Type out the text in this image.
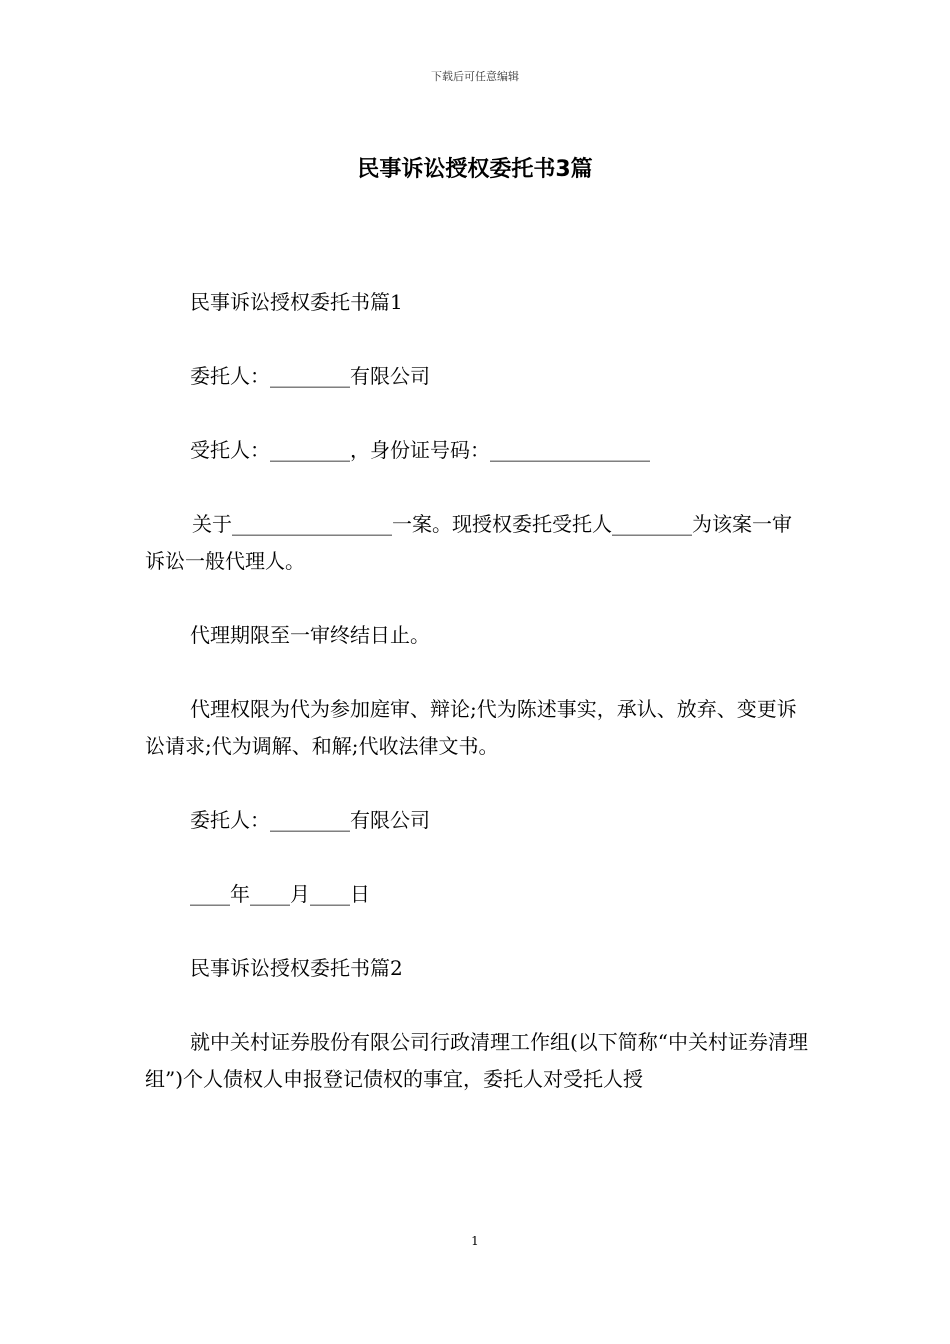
下载后可任意编辑
民事诉讼授权委托书3篇

民事诉讼授权委托书篇1

委托人：________有限公司

受托人：________，身份证号码：________________

关于________________一案。现授权委托受托人________为该案一审诉讼一般代理人。

代理期限至一审终结日止。

代理权限为代为参加庭审、辩论;代为陈述事实，承认、放弃、变更诉讼请求;代为调解、和解;代收法律文书。

委托人：________有限公司

____年____月____日

民事诉讼授权委托书篇2

就中关村证券股份有限公司行政清理工作组(以下简称“中关村证券清理组”)个人债权人申报登记债权的事宜，委托人对受托人授

1
